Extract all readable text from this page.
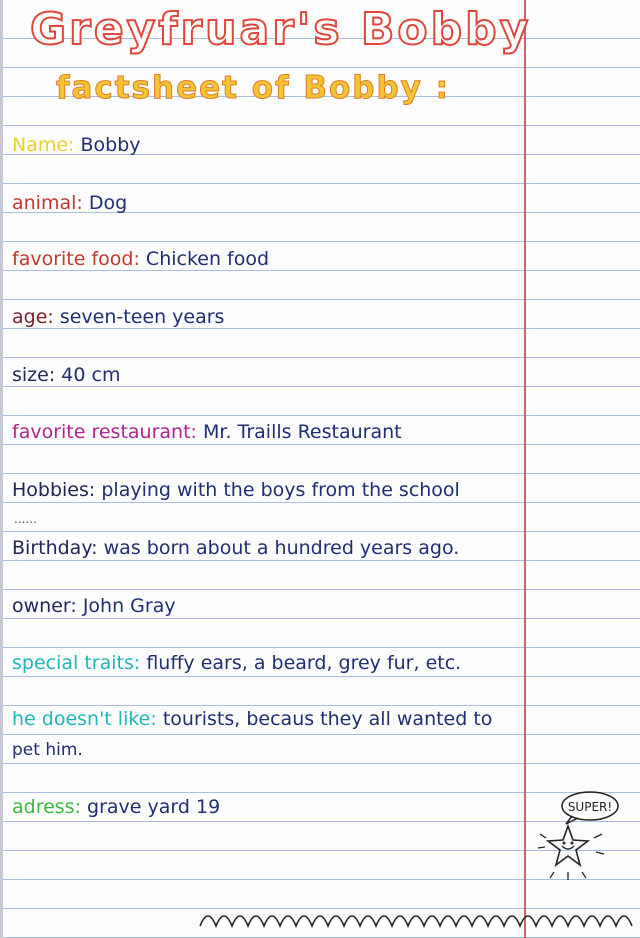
Greyfruar's Bobby
factsheet of Bobby :
Name: Bobby
animal: Dog
favorite food: Chicken food
age: seven-teen years
size: 40 cm
favorite restaurant: Mr. Traills Restaurant
Hobbies: playing with the boys from the school
......
Birthday: was born about a hundred years ago.
owner: John Gray
special traits: fluffy ears, a beard, grey fur, etc.
he doesn't like: tourists, becaus they all wanted to
pet him.
adress: grave yard 19	SUPER!
